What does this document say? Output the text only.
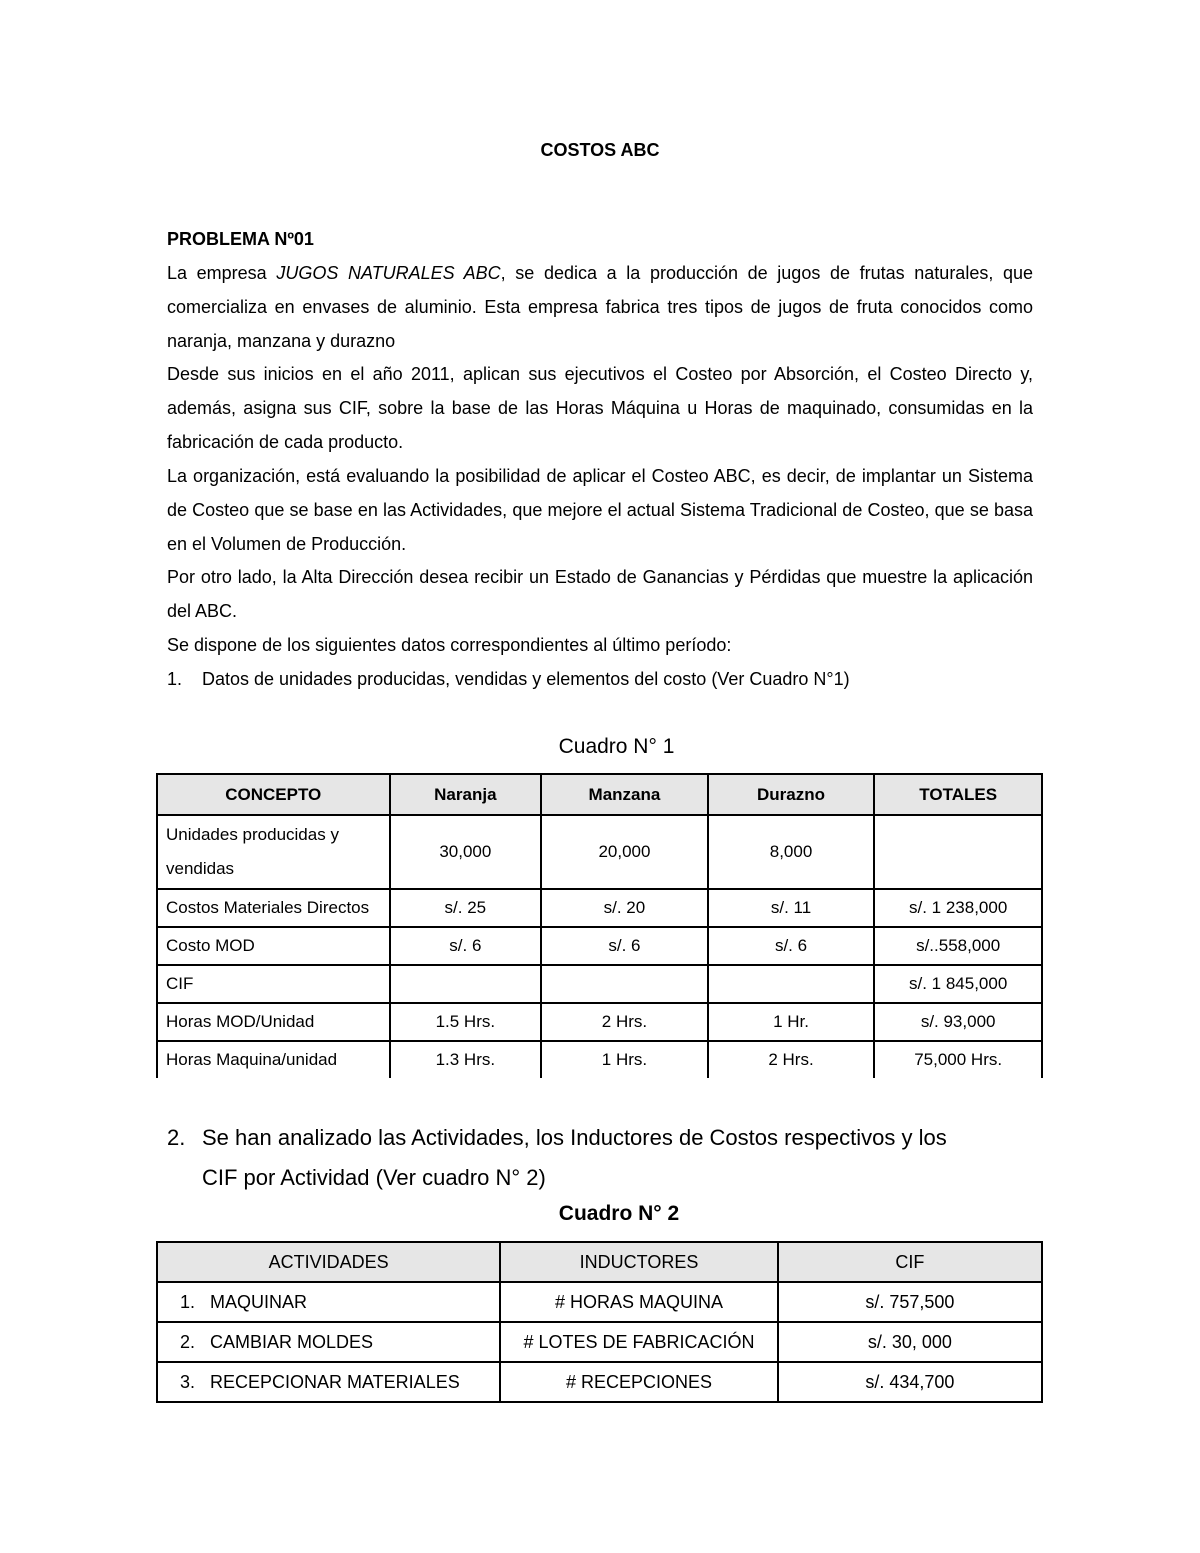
COSTOS ABC
PROBLEMA Nº01
La empresa JUGOS NATURALES ABC, se dedica a la producción de jugos de frutas naturales, que comercializa en envases de aluminio. Esta empresa fabrica tres tipos de jugos de fruta conocidos como naranja, manzana y durazno
Desde sus inicios en el año 2011, aplican sus ejecutivos el Costeo por Absorción, el Costeo Directo y, además, asigna sus CIF, sobre la base de las Horas Máquina u Horas de maquinado, consumidas en la fabricación de cada producto.
La organización, está evaluando la posibilidad de aplicar el Costeo ABC, es decir, de implantar un Sistema de Costeo que se base en las Actividades, que mejore el actual Sistema Tradicional de Costeo, que se basa en el Volumen de Producción.
Por otro lado, la Alta Dirección desea recibir un Estado de Ganancias y Pérdidas que muestre la aplicación del ABC.
Se dispone de los siguientes datos correspondientes al último período:
1. Datos de unidades producidas, vendidas y elementos del costo (Ver Cuadro N°1)
Cuadro N° 1
CONCEPTO	Naranja	Manzana	Durazno	TOTALES
Unidades producidas y vendidas	30,000	20,000	8,000	
Costos Materiales Directos	s/. 25	s/. 20	s/. 11	s/. 1 238,000
Costo MOD	s/. 6	s/. 6	s/. 6	s/..558,000
CIF				s/. 1 845,000
Horas MOD/Unidad	1.5 Hrs.	2 Hrs.	1 Hr.	s/. 93,000
Horas Maquina/unidad	1.3 Hrs.	1 Hrs.	2 Hrs.	75,000 Hrs.
2. Se han analizado las Actividades, los Inductores de Costos respectivos y los
CIF por Actividad (Ver cuadro N° 2)
Cuadro N° 2
ACTIVIDADES	INDUCTORES	CIF
1. MAQUINAR	# HORAS MAQUINA	s/. 757,500
2. CAMBIAR MOLDES	# LOTES DE FABRICACIÓN	s/. 30, 000
3. RECEPCIONAR MATERIALES	# RECEPCIONES	s/. 434,700
